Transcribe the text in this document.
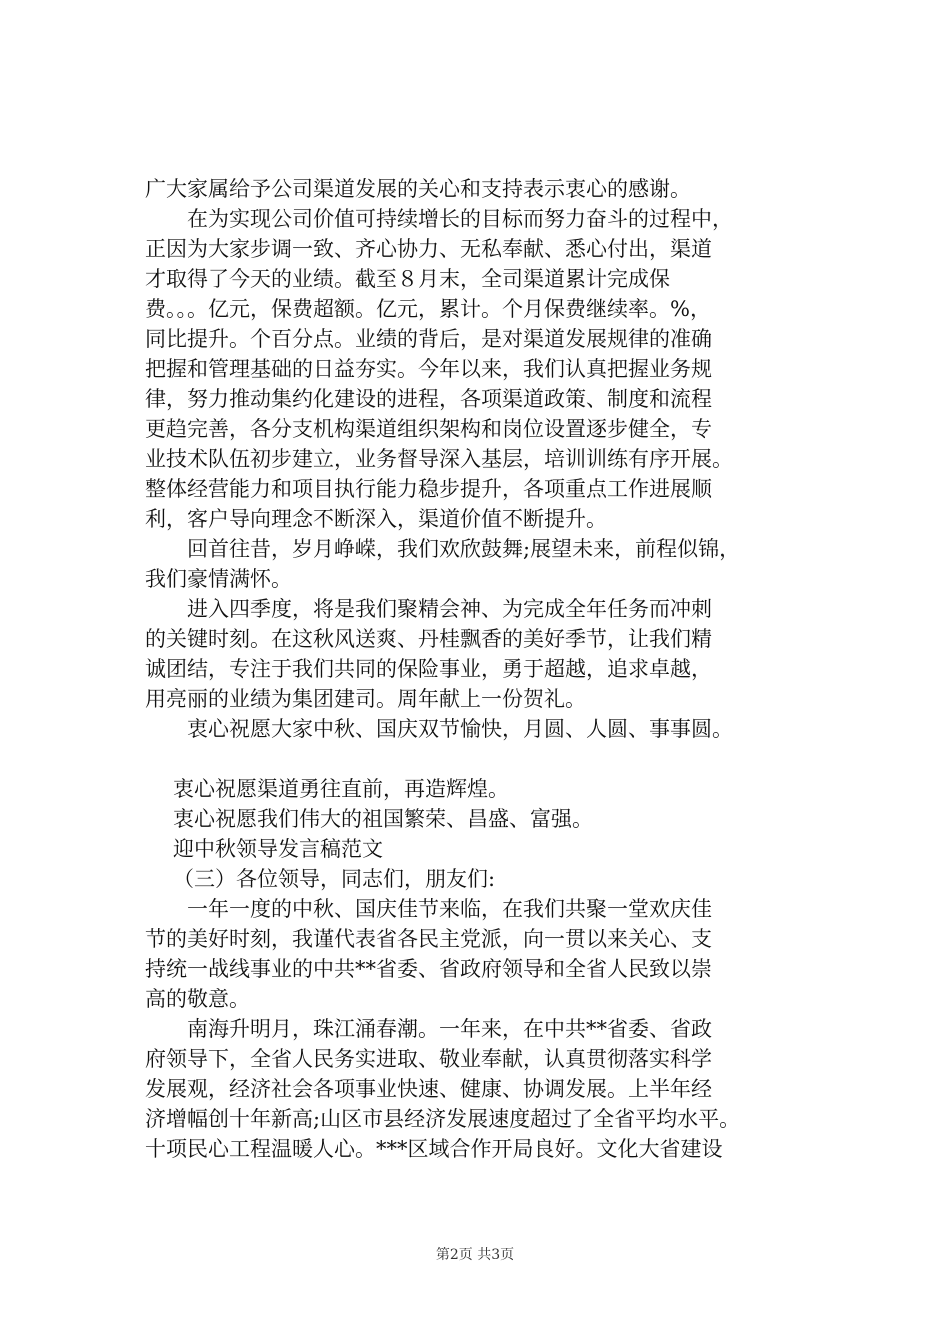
广大家属给予公司渠道发展的关心和支持表示衷心的感谢。
在为实现公司价值可持续增长的目标而努力奋斗的过程中，
正因为大家步调一致、齐心协力、无私奉献、悉心付出，渠道
才取得了今天的业绩。截至８月末，全司渠道累计完成保
费。。。亿元，保费超额。亿元，累计。个月保费继续率。%，
同比提升。个百分点。业绩的背后，是对渠道发展规律的准确
把握和管理基础的日益夯实。今年以来，我们认真把握业务规
律，努力推动集约化建设的进程，各项渠道政策、制度和流程
更趋完善，各分支机构渠道组织架构和岗位设置逐步健全，专
业技术队伍初步建立，业务督导深入基层，培训训练有序开展。
整体经营能力和项目执行能力稳步提升，各项重点工作进展顺
利，客户导向理念不断深入，渠道价值不断提升。
回首往昔，岁月峥嵘，我们欢欣鼓舞;展望未来，前程似锦，
我们豪情满怀。
进入四季度，将是我们聚精会神、为完成全年任务而冲刺
的关键时刻。在这秋风送爽、丹桂飘香的美好季节，让我们精
诚团结，专注于我们共同的保险事业，勇于超越，追求卓越，
用亮丽的业绩为集团建司。周年献上一份贺礼。
衷心祝愿大家中秋、国庆双节愉快，月圆、人圆、事事圆。
衷心祝愿渠道勇往直前，再造辉煌。
衷心祝愿我们伟大的祖国繁荣、昌盛、富强。
迎中秋领导发言稿范文
（三）各位领导，同志们，朋友们:
一年一度的中秋、国庆佳节来临，在我们共聚一堂欢庆佳
节的美好时刻，我谨代表省各民主党派，向一贯以来关心、支
持统一战线事业的中共**省委、省政府领导和全省人民致以崇
高的敬意。
南海升明月，珠江涌春潮。一年来，在中共**省委、省政
府领导下，全省人民务实进取、敬业奉献，认真贯彻落实科学
发展观，经济社会各项事业快速、健康、协调发展。上半年经
济增幅创十年新高;山区市县经济发展速度超过了全省平均水平。
十项民心工程温暖人心。***区域合作开局良好。文化大省建设
第2页 共3页
